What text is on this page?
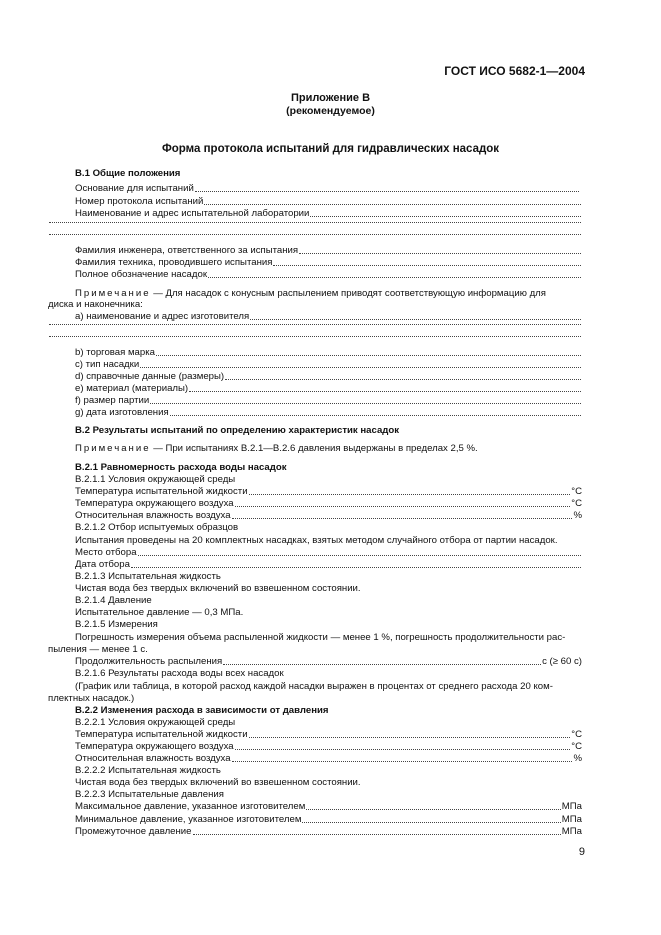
ГОСТ ИСО 5682-1—2004
Приложение В
(рекомендуемое)
Форма протокола испытаний для гидравлических насадок
В.1 Общие положения
Основание для испытаний
Номер протокола испытаний
Наименование и адрес испытательной лаборатории
Фамилия инженера, ответственного за испытания
Фамилия техника, проводившего испытания
Полное обозначение насадок
Примечание — Для насадок с конусным распылением приводят соответствующую информацию для
диска и наконечника:
а) наименование и адрес изготовителя
b) торговая марка
с) тип насадки
d) справочные данные (размеры)
е) материал (материалы)
f) размер партии
g) дата изготовления
В.2 Результаты испытаний по определению характеристик насадок
Примечание — При испытаниях В.2.1—В.2.6 давления выдержаны в пределах 2,5 %.
В.2.1 Равномерность расхода воды насадок
В.2.1.1 Условия окружающей среды
Температура испытательной жидкости	°С
Температура окружающего воздуха	°С
Относительная влажность воздуха	%
В.2.1.2 Отбор испытуемых образцов
Испытания проведены на 20 комплектных насадках, взятых методом случайного отбора от партии насадок.
Место отбора
Дата отбора
В.2.1.3 Испытательная жидкость
Чистая вода без твердых включений во взвешенном состоянии.
В.2.1.4 Давление
Испытательное давление — 0,3 МПа.
В.2.1.5 Измерения
Погрешность измерения объема распыленной жидкости — менее 1 %, погрешность продолжительности рас-
пыления — менее 1 с.
Продолжительность распыления	с (≥ 60 с)
В.2.1.6 Результаты расхода воды всех насадок
(График или таблица, в которой расход каждой насадки выражен в процентах от среднего расхода 20 ком-
плектных насадок.)
В.2.2 Изменения расхода в зависимости от давления
В.2.2.1 Условия окружающей среды
Температура испытательной жидкости	°С
Температура окружающего воздуха	°С
Относительная влажность воздуха	%
В.2.2.2 Испытательная жидкость
Чистая вода без твердых включений во взвешенном состоянии.
В.2.2.3 Испытательные давления
Максимальное давление, указанное изготовителем	МПа
Минимальное давление, указанное изготовителем	МПа
Промежуточное давление	МПа
9
